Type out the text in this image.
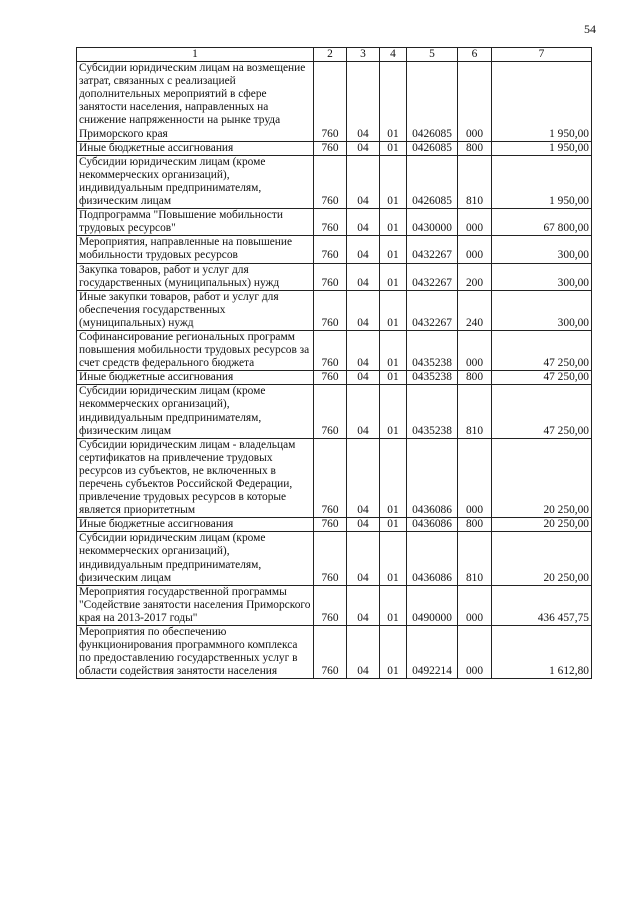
54
1	2	3	4	5	6	7
Субсидии юридическим лицам на возмещение затрат, связанных с реализацией дополнительных мероприятий в сфере занятости населения, направленных на снижение напряженности на рынке труда Приморского края	760	04	01	0426085	000	1 950,00
Иные бюджетные ассигнования	760	04	01	0426085	800	1 950,00
Субсидии юридическим лицам (кроме некоммерческих организаций), индивидуальным предпринимателям, физическим лицам	760	04	01	0426085	810	1 950,00
Подпрограмма "Повышение мобильности трудовых ресурсов"	760	04	01	0430000	000	67 800,00
Мероприятия, направленные на повышение мобильности трудовых ресурсов	760	04	01	0432267	000	300,00
Закупка товаров, работ и услуг для государственных (муниципальных) нужд	760	04	01	0432267	200	300,00
Иные закупки товаров, работ и услуг для обеспечения государственных (муниципальных) нужд	760	04	01	0432267	240	300,00
Софинансирование региональных программ повышения мобильности трудовых ресурсов за счет средств федерального бюджета	760	04	01	0435238	000	47 250,00
Иные бюджетные ассигнования	760	04	01	0435238	800	47 250,00
Субсидии юридическим лицам (кроме некоммерческих организаций), индивидуальным предпринимателям, физическим лицам	760	04	01	0435238	810	47 250,00
Субсидии юридическим лицам - владельцам сертификатов на привлечение трудовых ресурсов из субъектов, не включенных в перечень субъектов Российской Федерации, привлечение трудовых ресурсов в которые является приоритетным	760	04	01	0436086	000	20 250,00
Иные бюджетные ассигнования	760	04	01	0436086	800	20 250,00
Субсидии юридическим лицам (кроме некоммерческих организаций), индивидуальным предпринимателям, физическим лицам	760	04	01	0436086	810	20 250,00
Мероприятия государственной программы "Содействие занятости населения Приморского края на 2013-2017 годы"	760	04	01	0490000	000	436 457,75
Мероприятия по обеспечению функционирования программного комплекса по предоставлению государственных услуг в области содействия занятости населения	760	04	01	0492214	000	1 612,80
